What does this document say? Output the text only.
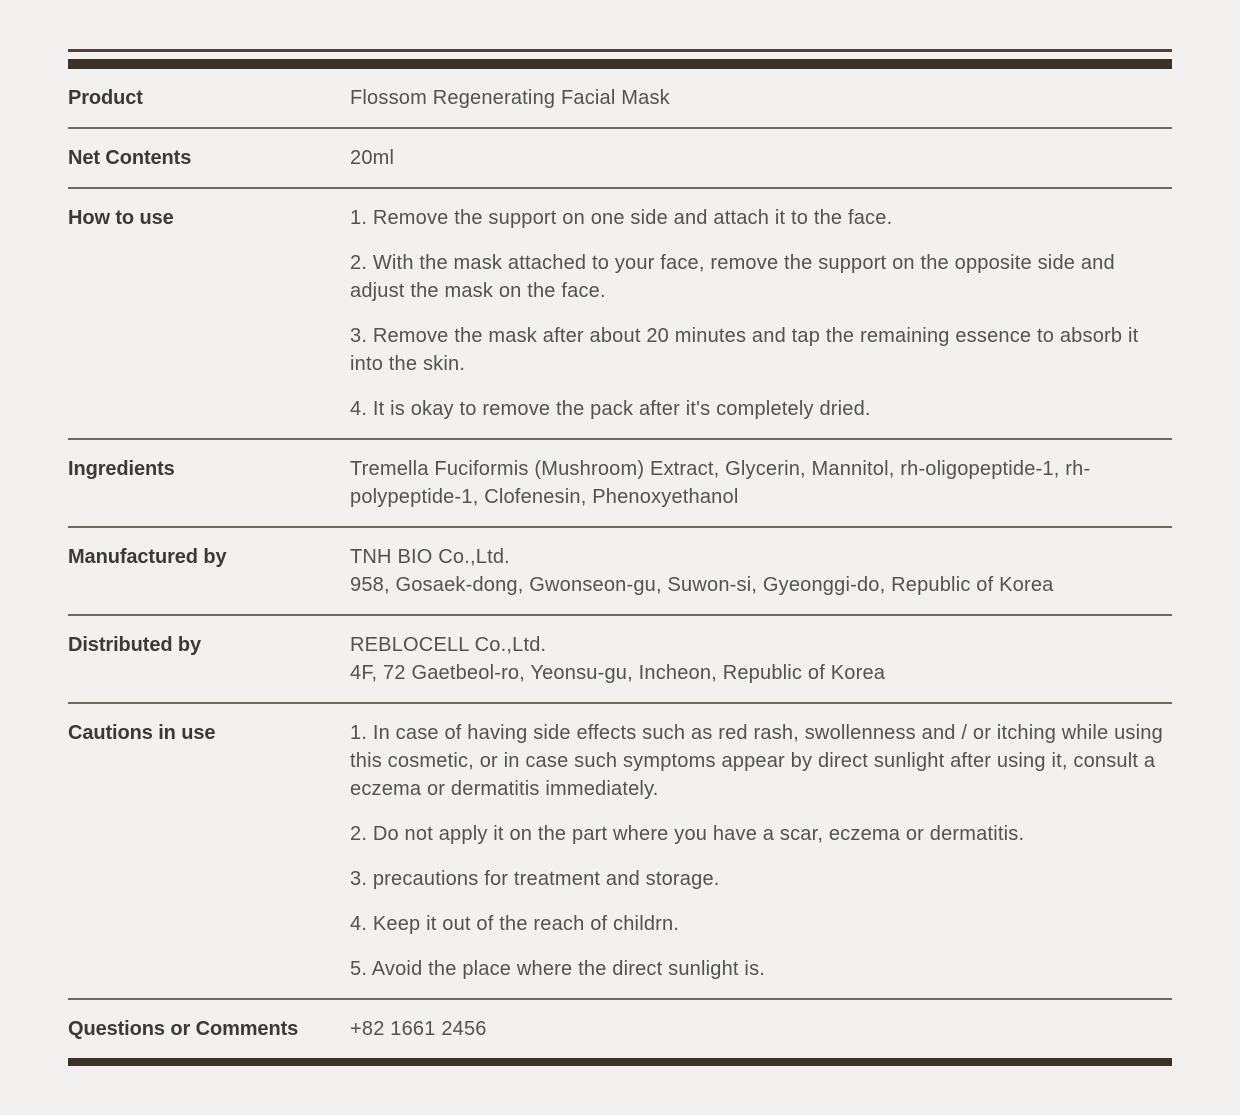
Product	Flossom Regenerating Facial Mask

Net Contents	20ml

How to use	1. Remove the support on one side and attach it to the face.

2. With the mask attached to your face, remove the support on the opposite side and adjust the mask on the face.

3. Remove the mask after about 20 minutes and tap the remaining essence to absorb it into the skin.

4. It is okay to remove the pack after it's completely dried.

Ingredients	Tremella Fuciformis (Mushroom) Extract, Glycerin, Mannitol, rh-oligopeptide-1, rh-polypeptide-1, Clofenesin, Phenoxyethanol

Manufactured by	TNH BIO Co.,Ltd.
958, Gosaek-dong, Gwonseon-gu, Suwon-si, Gyeonggi-do, Republic of Korea

Distributed by	REBLOCELL Co.,Ltd.
4F, 72 Gaetbeol-ro, Yeonsu-gu, Incheon, Republic of Korea

Cautions in use	1. In case of having side effects such as red rash, swollenness and / or itching while using this cosmetic, or in case such symptoms appear by direct sunlight after using it, consult a eczema or dermatitis immediately.

2. Do not apply it on the part where you have a scar, eczema or dermatitis.

3. precautions for treatment and storage.

4. Keep it out of the reach of childrn.

5. Avoid the place where the direct sunlight is.

Questions or Comments	+82 1661 2456
